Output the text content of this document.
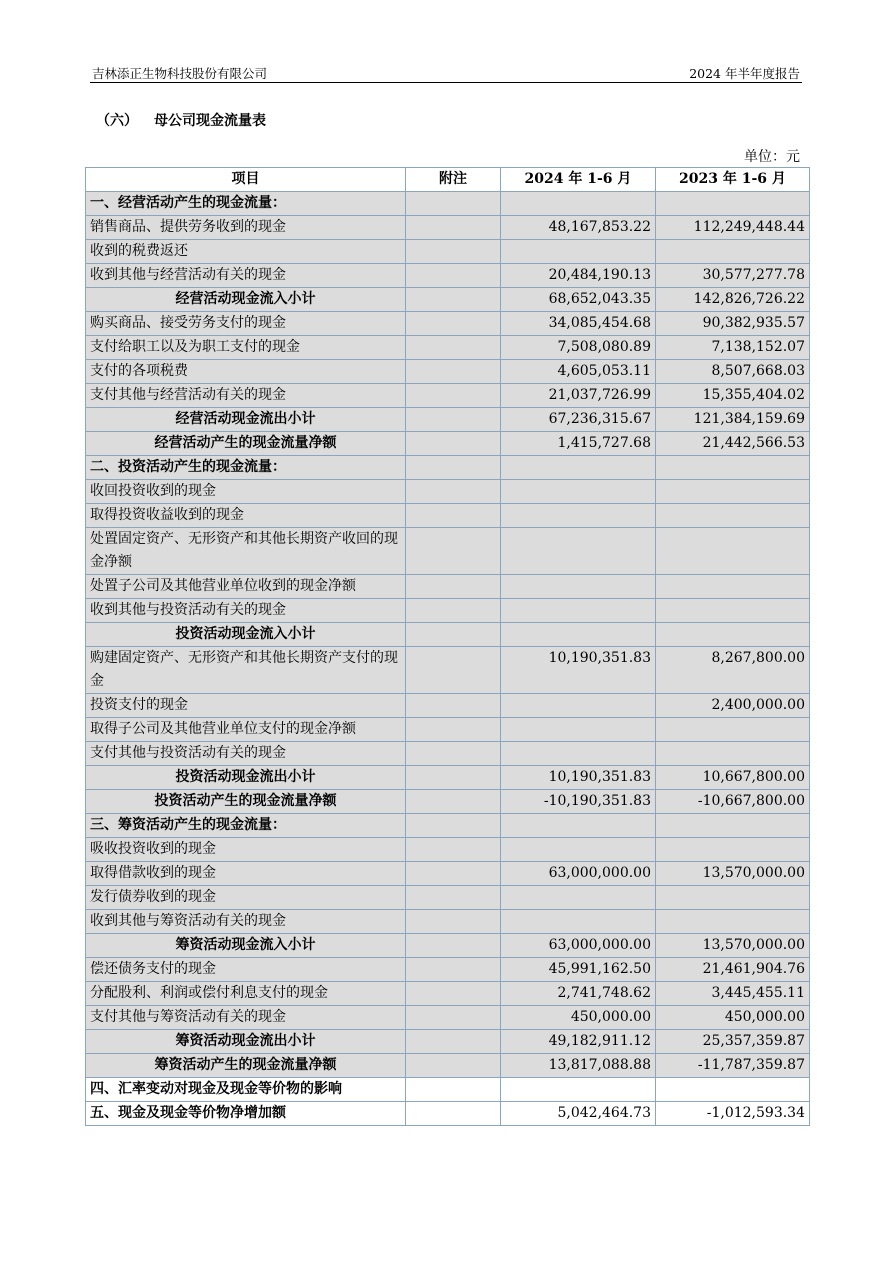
吉林添正生物科技股份有限公司	2024 年半年度报告
（六） 母公司现金流量表
单位：元
项目	附注	2024 年 1-6 月	2023 年 1-6 月
一、经营活动产生的现金流量：			
销售商品、提供劳务收到的现金		48,167,853.22	112,249,448.44
收到的税费返还			
收到其他与经营活动有关的现金		20,484,190.13	30,577,277.78
经营活动现金流入小计		68,652,043.35	142,826,726.22
购买商品、接受劳务支付的现金		34,085,454.68	90,382,935.57
支付给职工以及为职工支付的现金		7,508,080.89	7,138,152.07
支付的各项税费		4,605,053.11	8,507,668.03
支付其他与经营活动有关的现金		21,037,726.99	15,355,404.02
经营活动现金流出小计		67,236,315.67	121,384,159.69
经营活动产生的现金流量净额		1,415,727.68	21,442,566.53
二、投资活动产生的现金流量：			
收回投资收到的现金			
取得投资收益收到的现金			
处置固定资产、无形资产和其他长期资产收回的现金净额			
处置子公司及其他营业单位收到的现金净额			
收到其他与投资活动有关的现金			
投资活动现金流入小计			
购建固定资产、无形资产和其他长期资产支付的现金		10,190,351.83	8,267,800.00
投资支付的现金			2,400,000.00
取得子公司及其他营业单位支付的现金净额			
支付其他与投资活动有关的现金			
投资活动现金流出小计		10,190,351.83	10,667,800.00
投资活动产生的现金流量净额		-10,190,351.83	-10,667,800.00
三、筹资活动产生的现金流量：			
吸收投资收到的现金			
取得借款收到的现金		63,000,000.00	13,570,000.00
发行债券收到的现金			
收到其他与筹资活动有关的现金			
筹资活动现金流入小计		63,000,000.00	13,570,000.00
偿还债务支付的现金		45,991,162.50	21,461,904.76
分配股利、利润或偿付利息支付的现金		2,741,748.62	3,445,455.11
支付其他与筹资活动有关的现金		450,000.00	450,000.00
筹资活动现金流出小计		49,182,911.12	25,357,359.87
筹资活动产生的现金流量净额		13,817,088.88	-11,787,359.87
四、汇率变动对现金及现金等价物的影响			
五、现金及现金等价物净增加额		5,042,464.73	-1,012,593.34
